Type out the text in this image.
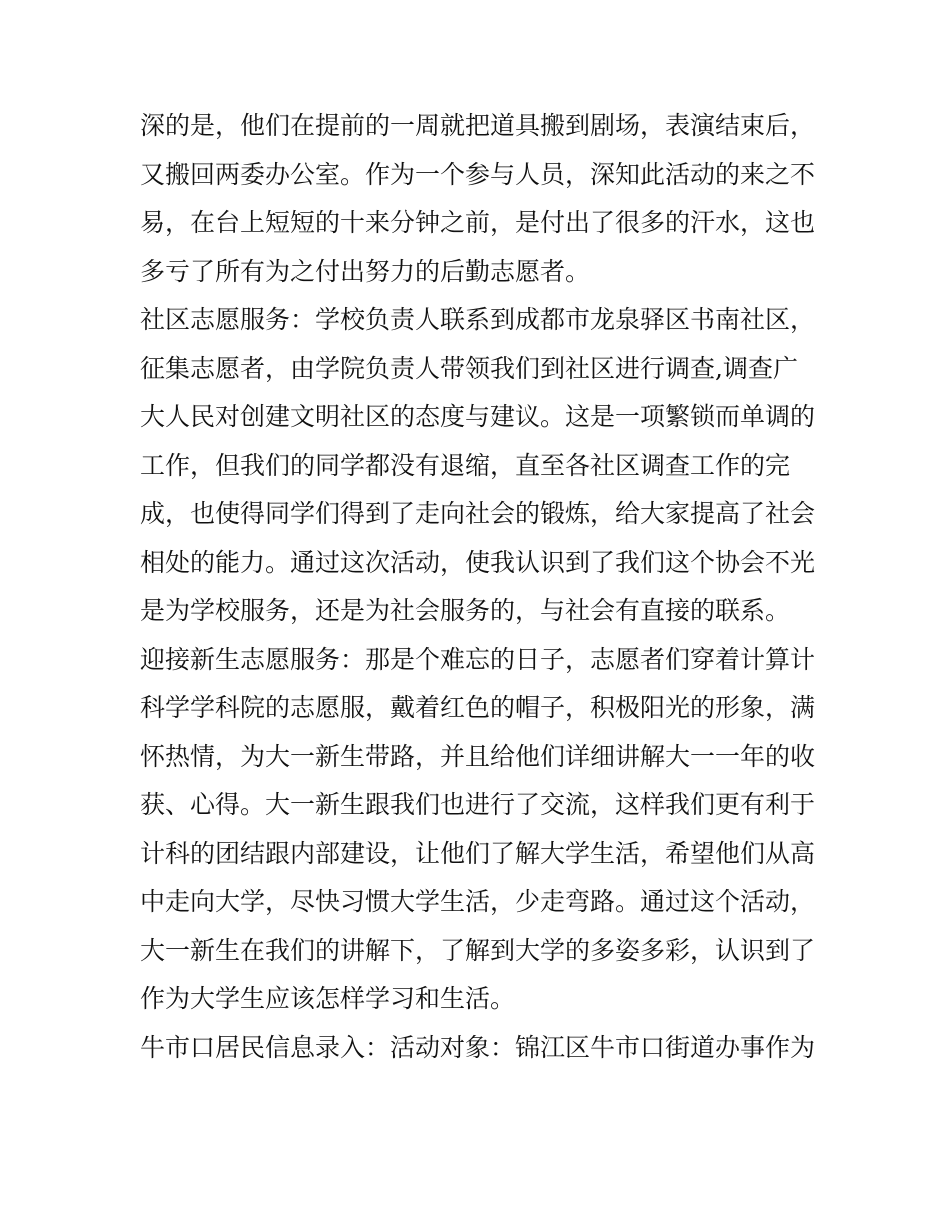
深的是，他们在提前的一周就把道具搬到剧场，表演结束后，
又搬回两委办公室。作为一个参与人员，深知此活动的来之不
易，在台上短短的十来分钟之前，是付出了很多的汗水，这也
多亏了所有为之付出努力的后勤志愿者。
社区志愿服务：学校负责人联系到成都市龙泉驿区书南社区，
征集志愿者，由学院负责人带领我们到社区进行调查,调查广
大人民对创建文明社区的态度与建议。这是一项繁锁而单调的
工作，但我们的同学都没有退缩，直至各社区调查工作的完
成，也使得同学们得到了走向社会的锻炼，给大家提高了社会
相处的能力。通过这次活动，使我认识到了我们这个协会不光
是为学校服务，还是为社会服务的，与社会有直接的联系。
迎接新生志愿服务：那是个难忘的日子，志愿者们穿着计算计
科学学科院的志愿服，戴着红色的帽子，积极阳光的形象，满
怀热情，为大一新生带路，并且给他们详细讲解大一一年的收
获、心得。大一新生跟我们也进行了交流，这样我们更有利于
计科的团结跟内部建设，让他们了解大学生活，希望他们从高
中走向大学，尽快习惯大学生活，少走弯路。通过这个活动，
大一新生在我们的讲解下，了解到大学的多姿多彩，认识到了
作为大学生应该怎样学习和生活。
牛市口居民信息录入：活动对象：锦江区牛市口街道办事作为
